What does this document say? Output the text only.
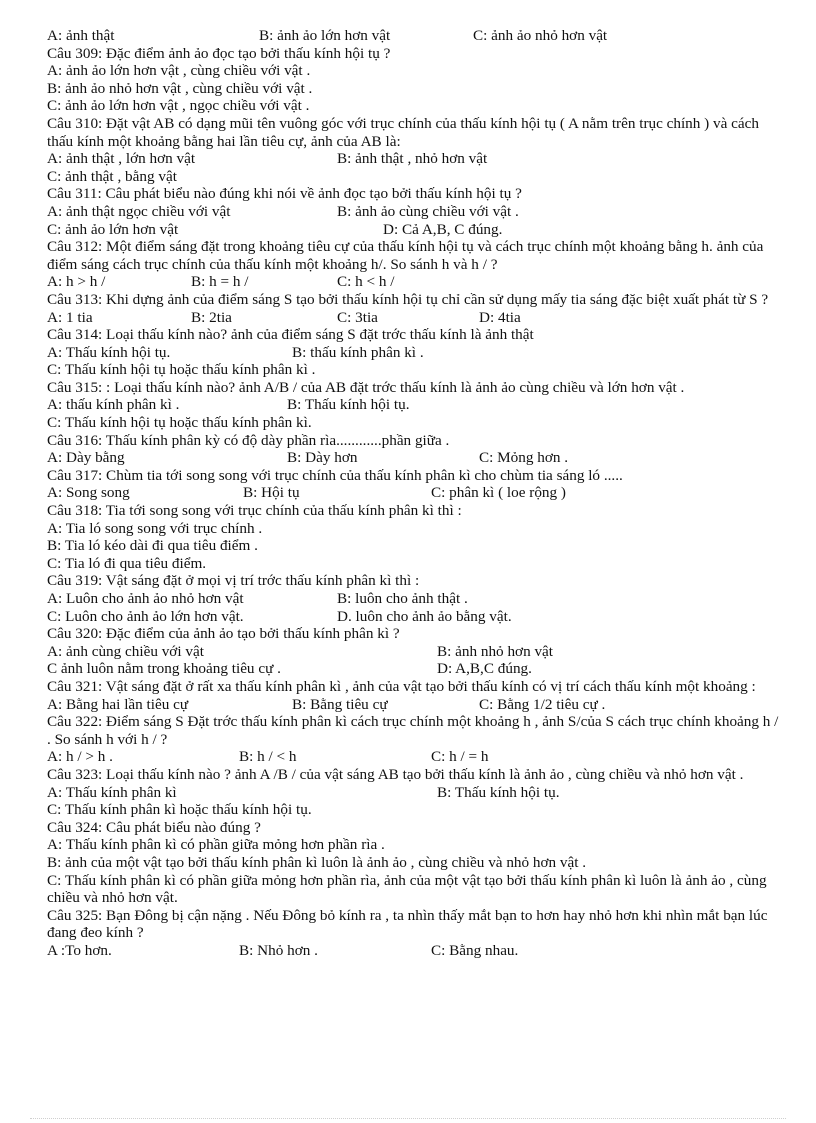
A: ảnh thật	B: ảnh ảo lớn hơn vật	C: ảnh ảo nhỏ hơn vật
Câu 309: Đặc điểm ảnh ảo đọc tạo bởi thấu kính hội tụ ?
A: ảnh ảo lớn hơn vật , cùng chiều với vật .
B: ảnh ảo nhỏ hơn vật , cùng chiều với vật .
C: ảnh ảo lớn hơn vật , ngọc chiều với vật .
Câu 310: Đặt vật AB có dạng mũi tên vuông góc với trục chính của thấu kính hội tụ ( A nằm trên trục chính ) và cách thấu kính một khoảng bằng hai lần tiêu cự, ảnh của AB là:
A: ảnh thật , lớn hơn vật	B: ảnh thật , nhỏ hơn vật
C: ảnh thật , bằng vật
Câu 311: Câu phát biểu nào đúng khi nói về ảnh đọc tạo bởi thấu kính hội tụ ?
A: ảnh thật ngọc chiều với vật	B: ảnh ảo cùng chiều với vật .
C: ảnh ảo lớn hơn vật	D: Cả A,B, C đúng.
Câu 312: Một điểm sáng đặt trong khoảng tiêu cự của thấu kính hội tụ và cách trục chính một khoảng bằng h. ảnh của điểm sáng cách trục chính của thấu kính một khoảng h/. So sánh h và h / ?
A: h > h /	B: h = h /	C: h < h /
Câu 313: Khi dựng ảnh của điểm sáng S tạo bởi thấu kính hội tụ chỉ cần sử dụng mấy tia sáng đặc biệt xuất phát từ S ?
A: 1 tia	B: 2tia	C: 3tia	D: 4tia
Câu 314: Loại thấu kính nào? ảnh của điểm sáng S đặt trớc thấu kính là ảnh thật
A: Thấu kính hội tụ.	B: thấu kính phân kì .
C: Thấu kính hội tụ hoặc thấu kính phân kì .
Câu 315: : Loại thấu kính nào? ảnh A/B / của AB đặt trớc thấu kính là ảnh ảo cùng chiều và lớn hơn vật .
A: thấu kính phân kì .	B: Thấu kính hội tụ.
C: Thấu kính hội tụ hoặc thấu kính phân kì.
Câu 316: Thấu kính phân kỳ có độ dày phần rìa............phần giữa .
A: Dày bằng	B: Dày hơn	C: Mỏng hơn .
Câu 317: Chùm tia tới song song với trục chính của thấu kính phân kì cho chùm tia sáng ló .....
A: Song song	B: Hội tụ	C: phân kì ( loe rộng )
Câu 318: Tia tới song song với trục chính của thấu kính phân kì thì :
A: Tia ló song song với trục chính .
B: Tia ló kéo dài đi qua tiêu điểm .
C: Tia ló đi qua tiêu điểm.
Câu 319: Vật sáng đặt ở mọi vị trí trớc thấu kính phân kì thì :
A: Luôn cho ảnh ảo nhỏ hơn vật	B: luôn cho ảnh thật .
C: Luôn cho ảnh ảo lớn hơn vật.	D. luôn cho ảnh ảo bằng vật.
Câu 320: Đặc điểm của ảnh ảo tạo bởi thấu kính phân kì ?
A: ảnh cùng chiều với vật	B: ảnh nhỏ hơn vật
C ảnh luôn nằm trong khoảng tiêu cự .	D: A,B,C đúng.
Câu 321: Vật sáng đặt ở rất xa thấu kính phân kì , ảnh của vật tạo bởi thấu kính có vị trí cách thấu kính một khoảng :
A: Bằng hai lần tiêu cự	B: Bằng tiêu cự	C: Bằng 1/2 tiêu cự .
Câu 322: Điểm sáng S Đặt trớc thấu kính phân kì cách trục chính một khoảng h , ảnh S/của S cách trục chính khoảng h / . So sánh h với h / ?
A: h / > h .	B: h / < h	C: h / = h
Câu 323: Loại thấu kính nào ? ảnh A /B / của vật sáng AB tạo bởi thấu kính là ảnh ảo , cùng chiều và nhỏ hơn vật .
A: Thấu kính phân kì	B: Thấu kính hội tụ.
C: Thấu kính phân kì hoặc thấu kính hội tụ.
Câu 324: Câu phát biểu nào đúng ?
A: Thấu kính phân kì có phần giữa mỏng hơn phần rìa .
B: ảnh của một vật tạo bởi thấu kính phân kì luôn là ảnh ảo , cùng chiều và nhỏ hơn vật .
C: Thấu kính phân kì có phần giữa mỏng hơn phần rìa, ảnh của một vật tạo bởi thấu kính phân kì luôn là ảnh ảo , cùng chiều và nhỏ hơn vật.
Câu 325: Bạn Đông bị cận nặng . Nếu Đông bỏ kính ra , ta nhìn thấy mắt bạn to hơn hay nhỏ hơn khi nhìn mắt bạn lúc đang đeo kính ?
A :To hơn.	B: Nhỏ hơn .	C: Bằng nhau.
